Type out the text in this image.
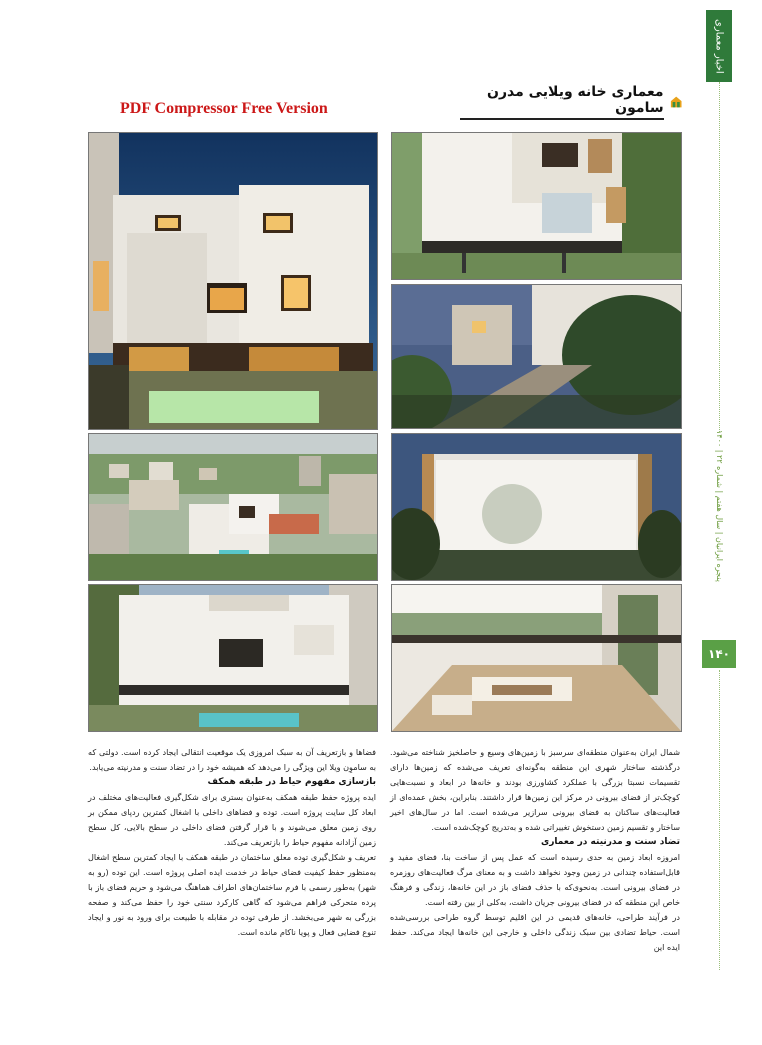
اخبار معماری
پنجره ایرانیان | سال هفتم | شماره ۲۲ | ۱۴۰۰
۱۴۰
معماری خانه ویلایی مدرن سامون
PDF Compressor Free Version

شمال ایران به‌عنوان منطقه‌ای سرسبز با زمین‌های وسیع و حاصلخیز شناخته می‌شود. درگذشته ساختار شهری این منطقه به‌گونه‌ای تعریف می‌شده که زمین‌ها دارای تقسیمات نسبتا بزرگی با عملکرد کشاورزی بودند و خانه‌ها در ابعاد و نسبت‌هایی کوچک‌تر از فضای بیرونی در مرکز این زمین‌ها قرار داشتند. بنابراین، بخش عمده‌ای از فعالیت‌های ساکنان به فضای بیرونی سرازیر می‌شده است. اما در سال‌های اخیر ساختار و تقسیم زمین دستخوش تغییراتی شده و به‌تدریج کوچک‌شده است.

تضاد سنت و مدرنیته در معماری

امروزه ابعاد زمین به حدی رسیده است که عمل پس از ساخت بنا، فضای مفید و قابل‌استفاده چندانی در زمین وجود نخواهد داشت و به معنای مرگ فعالیت‌های روزمره در فضای بیرونی است. به‌نحوی‌که با حذف فضای باز در این خانه‌ها، زندگی و فرهنگ خاص این منطقه که در فضای بیرونی جریان داشت، به‌کلی از بین رفته است.

در فرآیند طراحی، خانه‌های قدیمی در این اقلیم توسط گروه طراحی بررسی‌شده است. حیاط تضادی بین سبک زندگی داخلی و خارجی این خانه‌ها ایجاد می‌کند. حفظ ایده این

فضاها و بازتعریف آن به سبک امروزی یک موقعیت انتقالی ایجاد کرده است. دولتی که به ساموِن ویلا این ویژگی را می‌دهد که همیشه خود را در تضاد سنت و مدرنیته می‌یابد.

بازسازی مفهوم حیاط در طبقه همکف

ایده پروژه حفظ طبقه همکف به‌عنوان بستری برای شکل‌گیری فعالیت‌های مختلف در ابعاد کل سایت پروژه است. توده و فضاهای داخلی با اشغال کمترین ردپای ممکن بر روی زمین معلق می‌شوند و با قرار گرفتن فضای داخلی در سطح بالایی، کل سطح زمین آزادانه مفهوم حیاط را بازتعریف می‌کند.

تعریف و شکل‌گیری توده معلق ساختمان در طبقه همکف با ایجاد کمترین سطح اشغال به‌منظور حفظ کیفیت فضای حیاط در خدمت ایده اصلی پروژه است. این توده (رو به شهر) به‌طور رسمی با فرم ساختمان‌های اطراف هماهنگ می‌شود و حریم فضای باز با پرده متحرکی فراهم می‌شود که گاهی کارکرد سنتی خود را حفظ می‌کند و صفحه بزرگی به شهر می‌بخشد. از طرفی توده در مقابله با طبیعت برای ورود به نور و ایجاد تنوع فضایی فعال و پویا ناکام مانده است.
